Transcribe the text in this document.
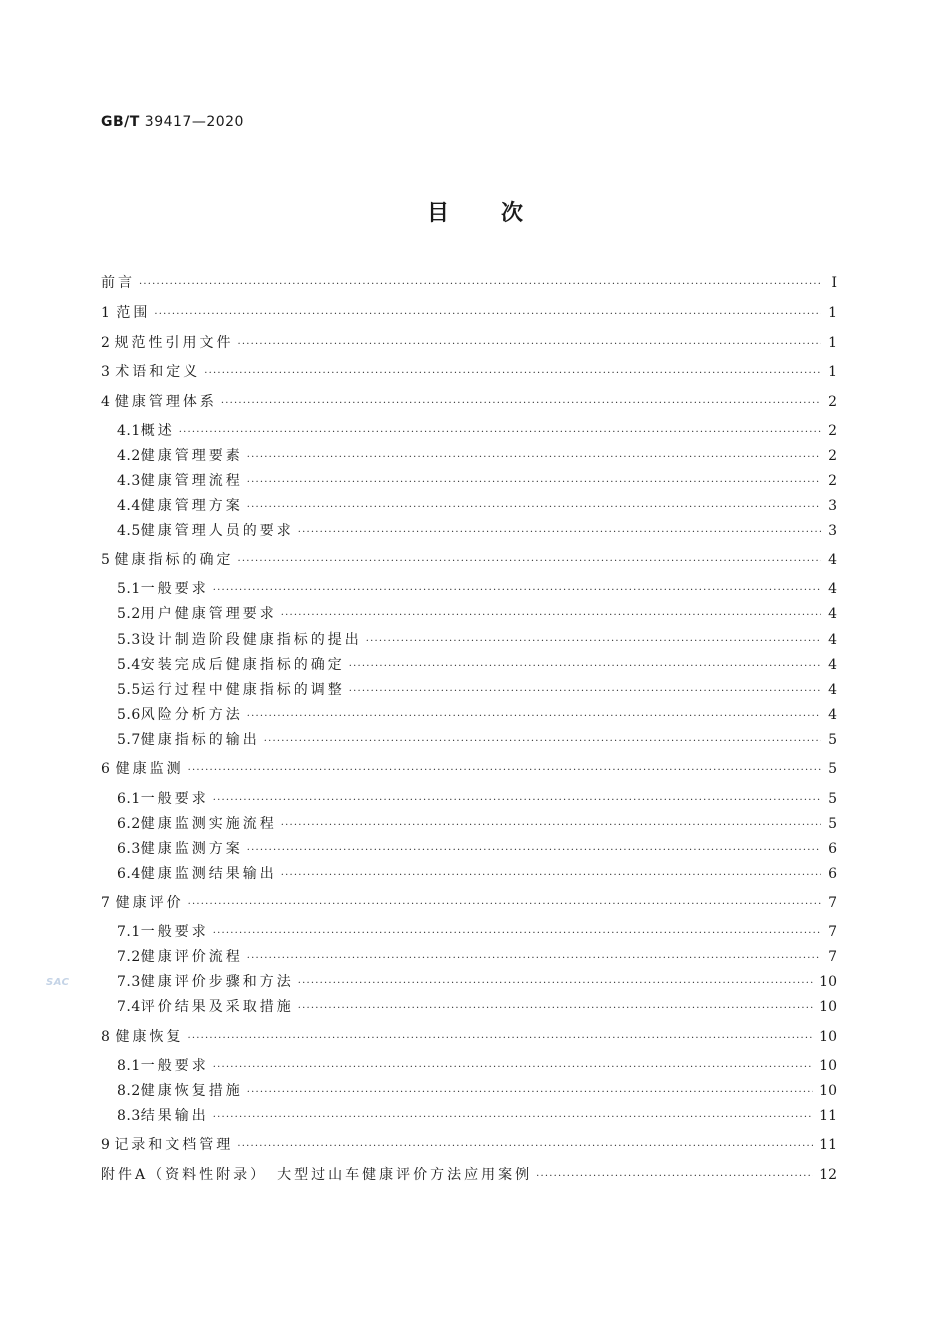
GB/T 39417—2020
目次
SAC
前言 ·····	Ⅰ
1 范围 ·····	1
2 规范性引用文件 ·····	1
3 术语和定义 ·····	1
4 健康管理体系 ·····	2
4.1 概述 ·····	2
4.2 健康管理要素 ·····	2
4.3 健康管理流程 ·····	2
4.4 健康管理方案 ·····	3
4.5 健康管理人员的要求 ·····	3
5 健康指标的确定 ·····	4
5.1 一般要求 ·····	4
5.2 用户健康管理要求 ·····	4
5.3 设计制造阶段健康指标的提出 ·····	4
5.4 安装完成后健康指标的确定 ·····	4
5.5 运行过程中健康指标的调整 ·····	4
5.6 风险分析方法 ·····	4
5.7 健康指标的输出 ·····	5
6 健康监测 ·····	5
6.1 一般要求 ·····	5
6.2 健康监测实施流程 ·····	5
6.3 健康监测方案 ·····	6
6.4 健康监测结果输出 ·····	6
7 健康评价 ·····	7
7.1 一般要求 ·····	7
7.2 健康评价流程 ·····	7
7.3 健康评价步骤和方法 ·····	10
7.4 评价结果及采取措施 ·····	10
8 健康恢复 ·····	10
8.1 一般要求 ·····	10
8.2 健康恢复措施 ·····	10
8.3 结果输出 ·····	11
9 记录和文档管理 ·····	11
附件A（资料性附录）　大型过山车健康评价方法应用案例 ·····	12
